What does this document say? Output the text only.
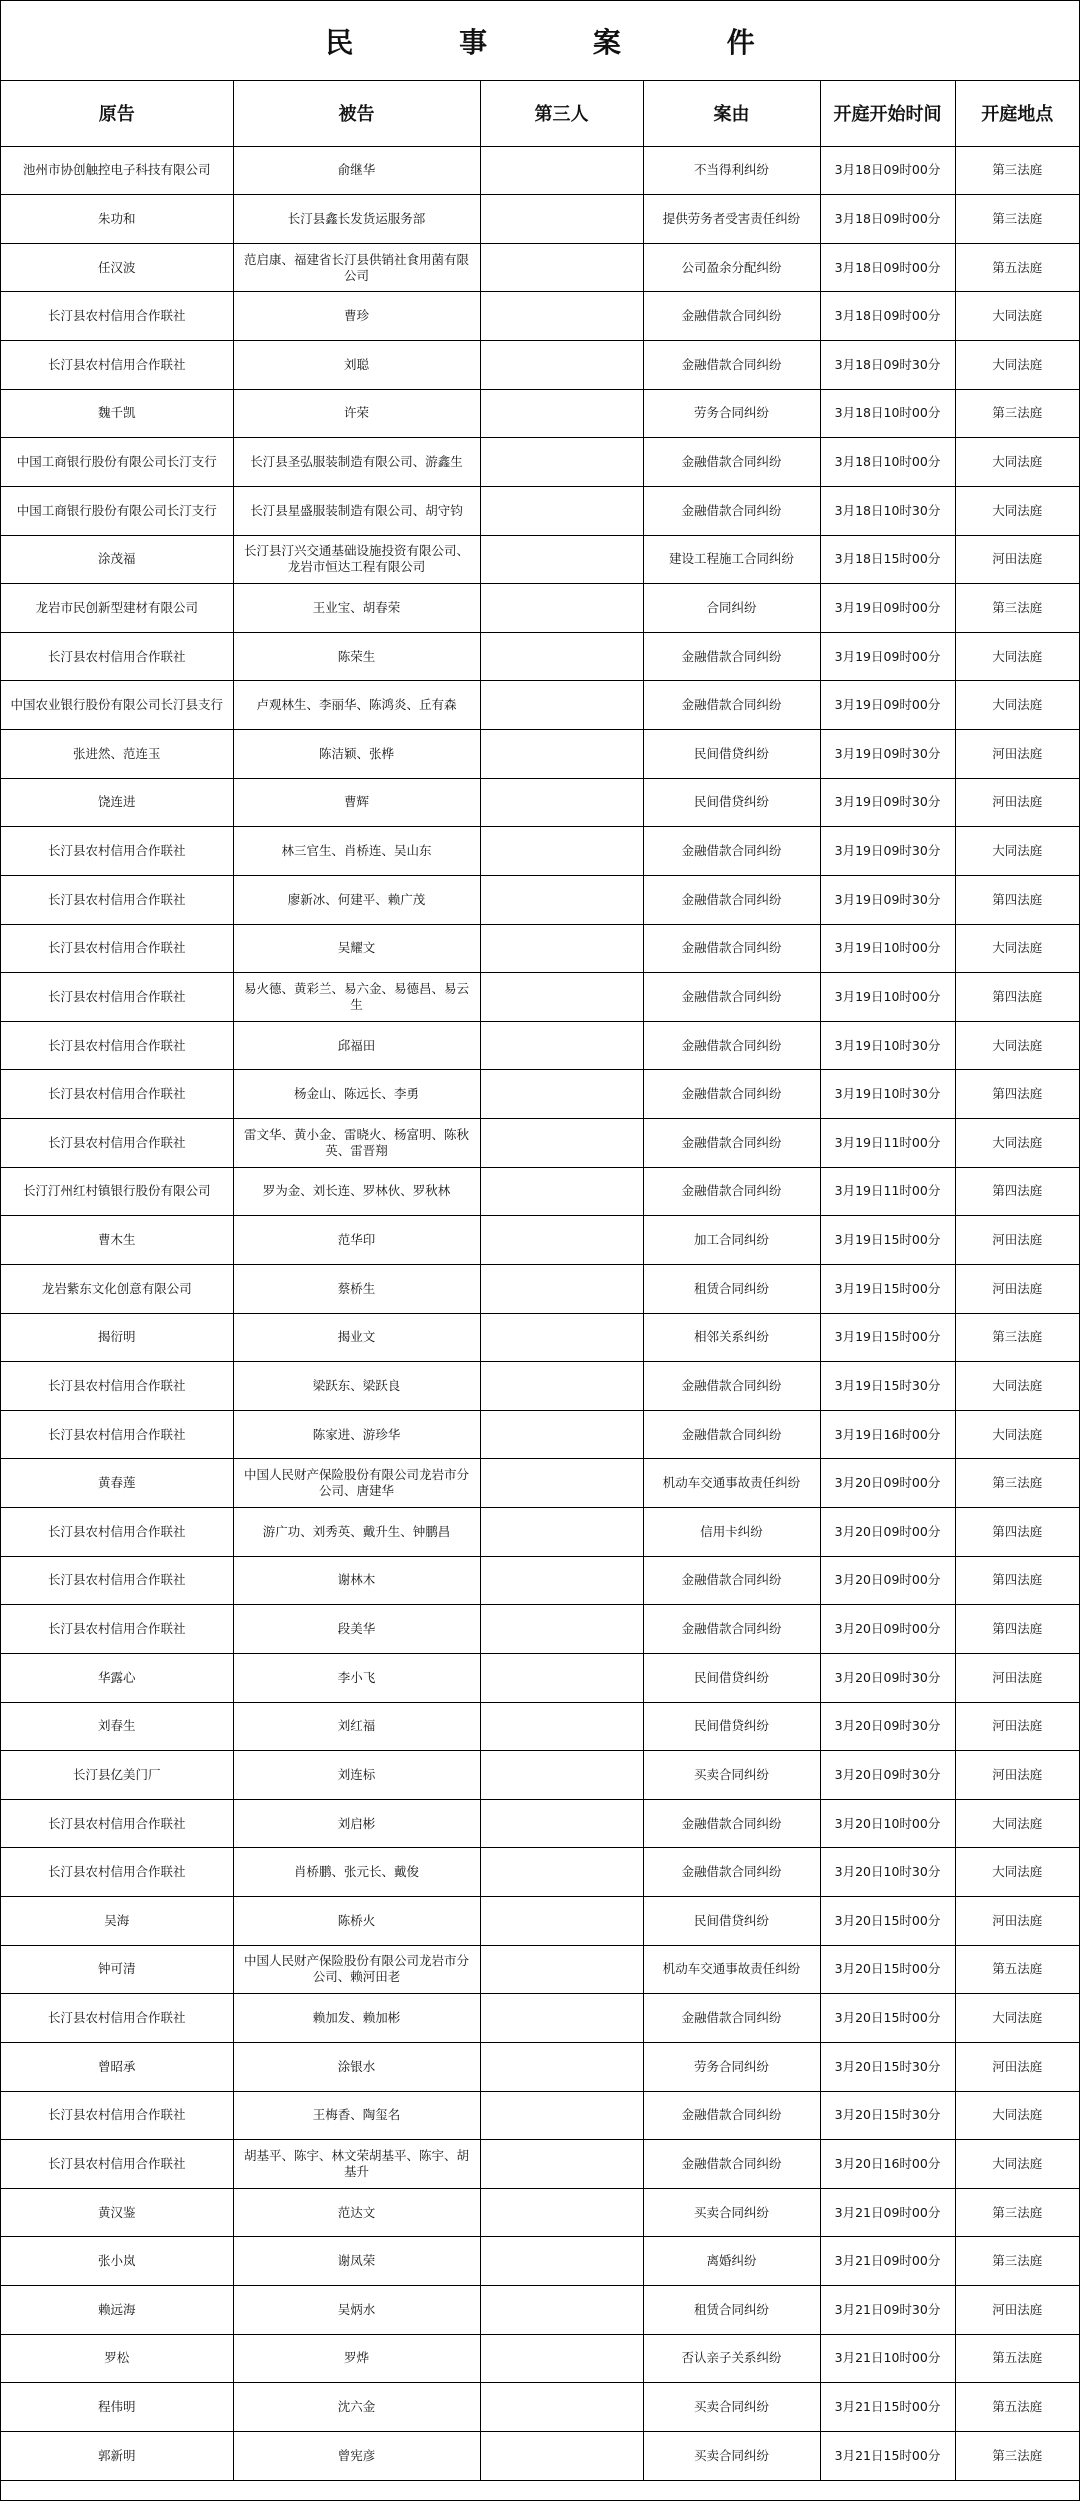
民 事 案 件
原告	被告	第三人	案由	开庭开始时间	开庭地点
池州市协创触控电子科技有限公司	俞继华		不当得利纠纷	3月18日09时00分	第三法庭
朱功和	长汀县鑫长发货运服务部		提供劳务者受害责任纠纷	3月18日09时00分	第三法庭
任汉波	范启康、福建省长汀县供销社食用菌有限公司		公司盈余分配纠纷	3月18日09时00分	第五法庭
长汀县农村信用合作联社	曹珍		金融借款合同纠纷	3月18日09时00分	大同法庭
长汀县农村信用合作联社	刘聪		金融借款合同纠纷	3月18日09时30分	大同法庭
魏千凯	许荣		劳务合同纠纷	3月18日10时00分	第三法庭
中国工商银行股份有限公司长汀支行	长汀县圣弘服装制造有限公司、游鑫生		金融借款合同纠纷	3月18日10时00分	大同法庭
中国工商银行股份有限公司长汀支行	长汀县星盛服装制造有限公司、胡守钧		金融借款合同纠纷	3月18日10时30分	大同法庭
涂茂福	长汀县汀兴交通基础设施投资有限公司、龙岩市恒达工程有限公司		建设工程施工合同纠纷	3月18日15时00分	河田法庭
龙岩市民创新型建材有限公司	王业宝、胡春荣		合同纠纷	3月19日09时00分	第三法庭
长汀县农村信用合作联社	陈荣生		金融借款合同纠纷	3月19日09时00分	大同法庭
中国农业银行股份有限公司长汀县支行	卢观林生、李丽华、陈鸿炎、丘有森		金融借款合同纠纷	3月19日09时00分	大同法庭
张进然、范连玉	陈洁颖、张桦		民间借贷纠纷	3月19日09时30分	河田法庭
饶连进	曹辉		民间借贷纠纷	3月19日09时30分	河田法庭
长汀县农村信用合作联社	林三官生、肖桥连、吴山东		金融借款合同纠纷	3月19日09时30分	大同法庭
长汀县农村信用合作联社	廖新冰、何建平、赖广茂		金融借款合同纠纷	3月19日09时30分	第四法庭
长汀县农村信用合作联社	吴耀文		金融借款合同纠纷	3月19日10时00分	大同法庭
长汀县农村信用合作联社	易火德、黄彩兰、易六金、易德昌、易云生		金融借款合同纠纷	3月19日10时00分	第四法庭
长汀县农村信用合作联社	邱福田		金融借款合同纠纷	3月19日10时30分	大同法庭
长汀县农村信用合作联社	杨金山、陈远长、李勇		金融借款合同纠纷	3月19日10时30分	第四法庭
长汀县农村信用合作联社	雷文华、黄小金、雷晓火、杨富明、陈秋英、雷晋翔		金融借款合同纠纷	3月19日11时00分	大同法庭
长汀汀州红村镇银行股份有限公司	罗为金、刘长连、罗林伙、罗秋林		金融借款合同纠纷	3月19日11时00分	第四法庭
曹木生	范华印		加工合同纠纷	3月19日15时00分	河田法庭
龙岩紫东文化创意有限公司	蔡桥生		租赁合同纠纷	3月19日15时00分	河田法庭
揭衍明	揭业文		相邻关系纠纷	3月19日15时00分	第三法庭
长汀县农村信用合作联社	梁跃东、梁跃良		金融借款合同纠纷	3月19日15时30分	大同法庭
长汀县农村信用合作联社	陈家进、游珍华		金融借款合同纠纷	3月19日16时00分	大同法庭
黄春莲	中国人民财产保险股份有限公司龙岩市分公司、唐建华		机动车交通事故责任纠纷	3月20日09时00分	第三法庭
长汀县农村信用合作联社	游广功、刘秀英、戴升生、钟鹏昌		信用卡纠纷	3月20日09时00分	第四法庭
长汀县农村信用合作联社	谢林木		金融借款合同纠纷	3月20日09时00分	第四法庭
长汀县农村信用合作联社	段美华		金融借款合同纠纷	3月20日09时00分	第四法庭
华露心	李小飞		民间借贷纠纷	3月20日09时30分	河田法庭
刘春生	刘红福		民间借贷纠纷	3月20日09时30分	河田法庭
长汀县亿美门厂	刘连标		买卖合同纠纷	3月20日09时30分	河田法庭
长汀县农村信用合作联社	刘启彬		金融借款合同纠纷	3月20日10时00分	大同法庭
长汀县农村信用合作联社	肖桥鹏、张元长、戴俊		金融借款合同纠纷	3月20日10时30分	大同法庭
吴海	陈桥火		民间借贷纠纷	3月20日15时00分	河田法庭
钟可清	中国人民财产保险股份有限公司龙岩市分公司、赖河田老		机动车交通事故责任纠纷	3月20日15时00分	第五法庭
长汀县农村信用合作联社	赖加发、赖加彬		金融借款合同纠纷	3月20日15时00分	大同法庭
曾昭承	涂银水		劳务合同纠纷	3月20日15时30分	河田法庭
长汀县农村信用合作联社	王梅香、陶玺名		金融借款合同纠纷	3月20日15时30分	大同法庭
长汀县农村信用合作联社	胡基平、陈宇、林文荣胡基平、陈宇、胡基升		金融借款合同纠纷	3月20日16时00分	大同法庭
黄汉鉴	范达文		买卖合同纠纷	3月21日09时00分	第三法庭
张小岚	谢凤荣		离婚纠纷	3月21日09时00分	第三法庭
赖远海	吴炳水		租赁合同纠纷	3月21日09时30分	河田法庭
罗松	罗烨		否认亲子关系纠纷	3月21日10时00分	第五法庭
程伟明	沈六金		买卖合同纠纷	3月21日15时00分	第五法庭
郭新明	曾宪彦		买卖合同纠纷	3月21日15时00分	第三法庭
